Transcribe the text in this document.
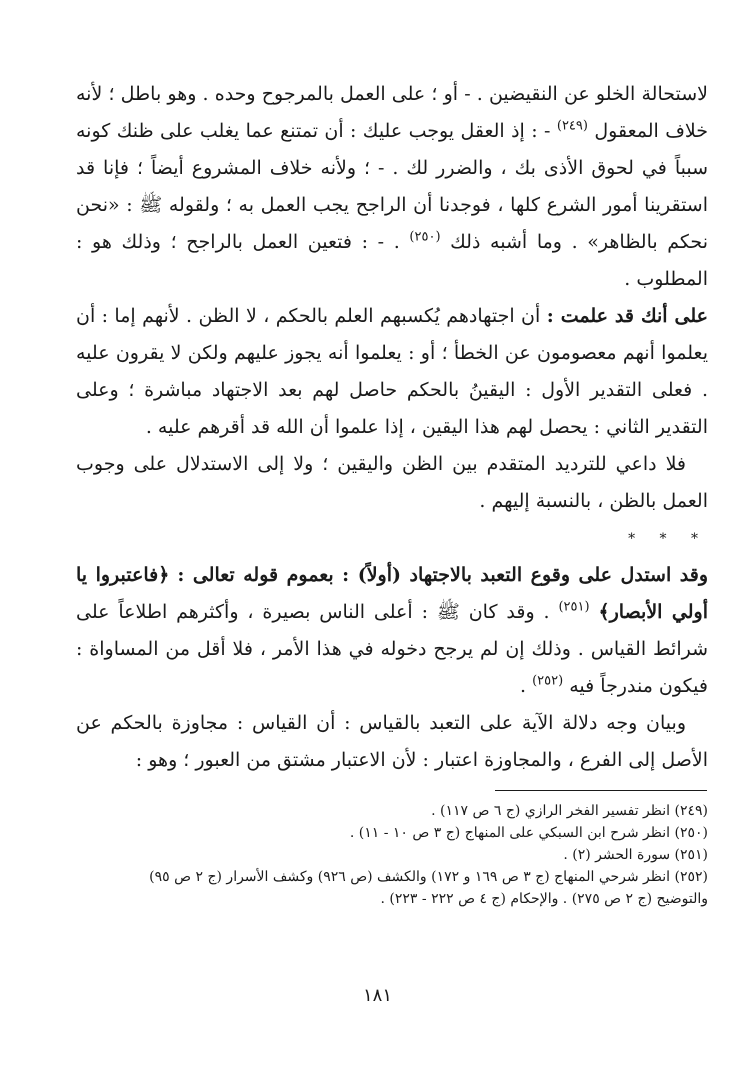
لاستحالة الخلو عن النقيضين . - أو ؛ على العمل بالمرجوح وحده . وهو باطل ؛ لأنه خلاف المعقول $^{(٢٤٩)}$ - : إذ العقل يوجب عليك : أن تمتنع عما يغلب على ظنك كونه سبباً في لحوق الأذى بك ، والضرر لك . - ؛ ولأنه خلاف المشروع أيضاً ؛ فإنا قد استقرينا أمور الشرع كلها ، فوجدنا أن الراجح يجب العمل به ؛ ولقوله ﷺ : «نحن نحكم بالظاهر» . وما أشبه ذلك $^{(٢٥٠)}$ . - : فتعين العمل بالراجح ؛ وذلك هو : المطلوب .

على أنك قد علمت : أن اجتهادهم يُكسبهم العلم بالحكم ، لا الظن . لأنهم إما : أن يعلموا أنهم معصومون عن الخطأ ؛ أو : يعلموا أنه يجوز عليهم ولكن لا يقرون عليه . فعلى التقدير الأول : اليقينُ بالحكم حاصل لهم بعد الاجتهاد مباشرة ؛ وعلى التقدير الثاني : يحصل لهم هذا اليقين ، إذا علموا أن الله قد أقرهم عليه .

فلا داعي للترديد المتقدم بين الظن واليقين ؛ ولا إلى الاستدلال على وجوب العمل بالظن ، بالنسبة إليهم .

* * *

وقد استدل على وقوع التعبد بالاجتهاد (أولاً) : بعموم قوله تعالى : ﴿فاعتبروا يا أولي الأبصار﴾ $^{(٢٥١)}$ . وقد كان ﷺ : أعلى الناس بصيرة ، وأكثرهم اطلاعاً على شرائط القياس . وذلك إن لم يرجح دخوله في هذا الأمر ، فلا أقل من المساواة : فيكون مندرجاً فيه $^{(٢٥٢)}$ .

وبيان وجه دلالة الآية على التعبد بالقياس : أن القياس : مجاوزة بالحكم عن الأصل إلى الفرع ، والمجاوزة اعتبار : لأن الاعتبار مشتق من العبور ؛ وهو :

(٢٤٩) انظر تفسير الفخر الرازي (ج ٦ ص ١١٧) .

(٢٥٠) انظر شرح ابن السبكي على المنهاج (ج ٣ ص ١٠ - ١١) .

(٢٥١) سورة الحشر (٢) .

(٢٥٢) انظر شرحي المنهاج (ج ٣ ص ١٦٩ و ١٧٢) والكشف (ص ٩٢٦) وكشف الأسرار (ج ٢ ص ٩٥)

والتوضيح (ج ٢ ص ٢٧٥) . والإحكام (ج ٤ ص ٢٢٢ - ٢٢٣) .

١٨١
